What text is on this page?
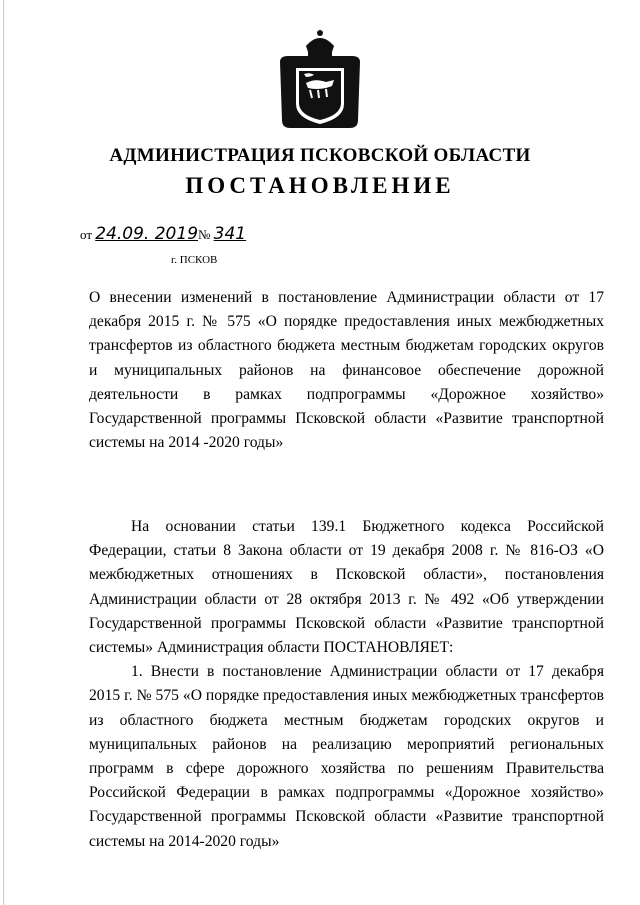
АДМИНИСТРАЦИЯ ПСКОВСКОЙ ОБЛАСТИ
ПОСТАНОВЛЕНИЕ
от 24.09. 2019№ 341
г. ПСКОВ
О внесении изменений в постановление Администрации области от 17 декабря 2015 г. № 575 «О порядке предоставления иных межбюджетных трансфертов из областного бюджета местным бюджетам городских округов и муниципальных районов на финансовое обеспечение дорожной деятельности в рамках подпрограммы «Дорожное хозяйство» Государственной программы Псковской области «Развитие транспортной системы на 2014 -2020 годы»

На основании статьи 139.1 Бюджетного кодекса Российской Федерации, статьи 8 Закона области от 19 декабря 2008 г. № 816-ОЗ «О межбюджетных отношениях в Псковской области», постановления Администрации области от 28 октября 2013 г. № 492 «Об утверждении Государственной программы Псковской области «Развитие транспортной системы» Администрация области ПОСТАНОВЛЯЕТ:

1. Внести в постановление Администрации области от 17 декабря 2015 г. № 575 «О порядке предоставления иных межбюджетных трансфертов из областного бюджета местным бюджетам городских округов и муниципальных районов на реализацию мероприятий региональных программ в сфере дорожного хозяйства по решениям Правительства Российской Федерации в рамках подпрограммы «Дорожное хозяйство» Государственной программы Псковской области «Развитие транспортной системы на 2014-2020 годы»
